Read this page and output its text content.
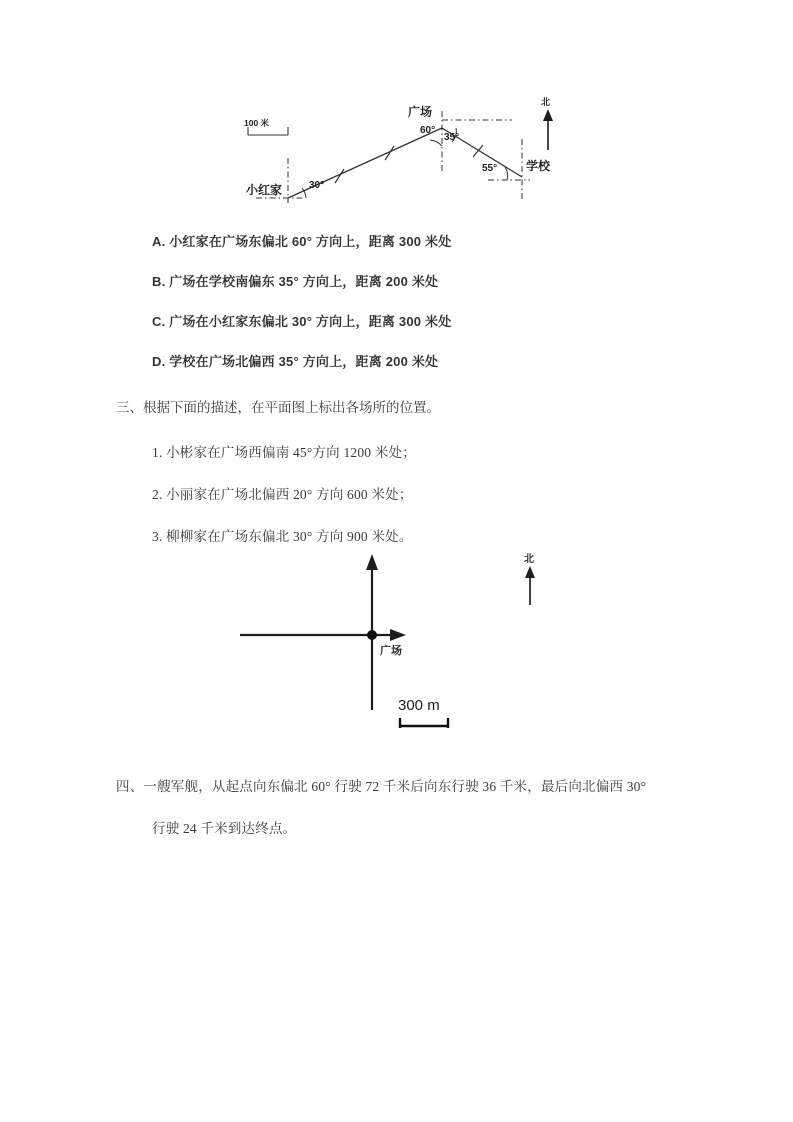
100 米
小红家
广场
学校
北
30°
60°
35°
55°
A. 小红家在广场东偏北 60° 方向上，距离 300 米处
B. 广场在学校南偏东 35° 方向上，距离 200 米处
C. 广场在小红家东偏北 30° 方向上，距离 300 米处
D. 学校在广场北偏西 35° 方向上，距离 200 米处
三、根据下面的描述，在平面图上标出各场所的位置。
1. 小彬家在广场西偏南 45°方向 1200 米处；
2. 小丽家在广场北偏西 20° 方向 600 米处；
3. 柳柳家在广场东偏北 30° 方向 900 米处。
广场
北
300 m
四、一艘军舰，从起点向东偏北 60° 行驶 72 千米后向东行驶 36 千米，最后向北偏西 30°
行驶 24 千米到达终点。
